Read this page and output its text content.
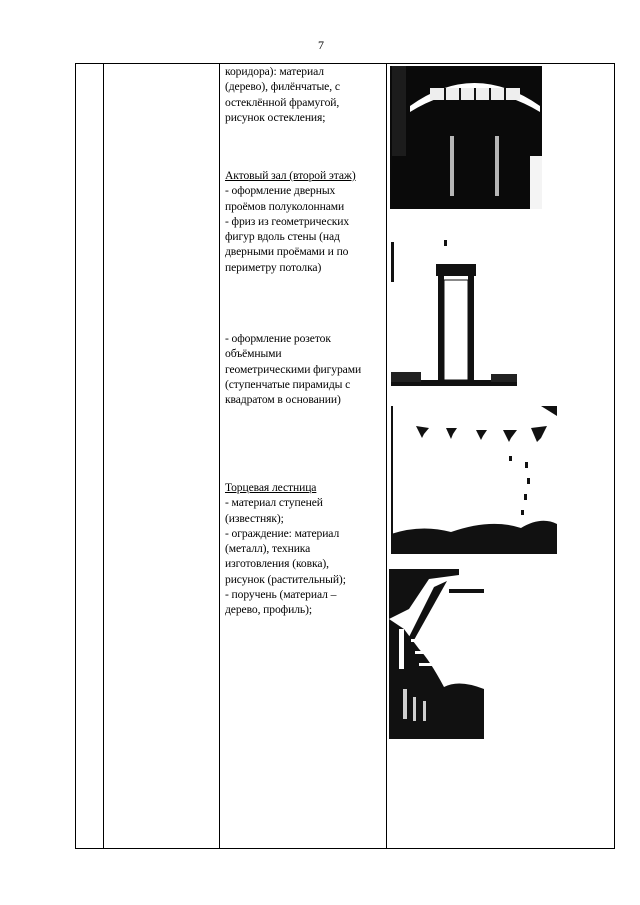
7
коридора): материал
(дерево), филёнчатые, с
остеклённой фрамугой,
рисунок остекления;
Актовый зал (второй этаж)
- оформление дверных
проёмов полуколоннами
- фриз из геометрических
фигур вдоль стены (над
дверными проёмами и по
периметру потолка)
- оформление розеток
объёмными
геометрическими фигурами
(ступенчатые пирамиды с
квадратом в основании)
Торцевая лестница
- материал ступеней
(известняк);
- ограждение: материал
(металл), техника
изготовления (ковка),
рисунок (растительный);
- поручень (материал –
дерево, профиль);
